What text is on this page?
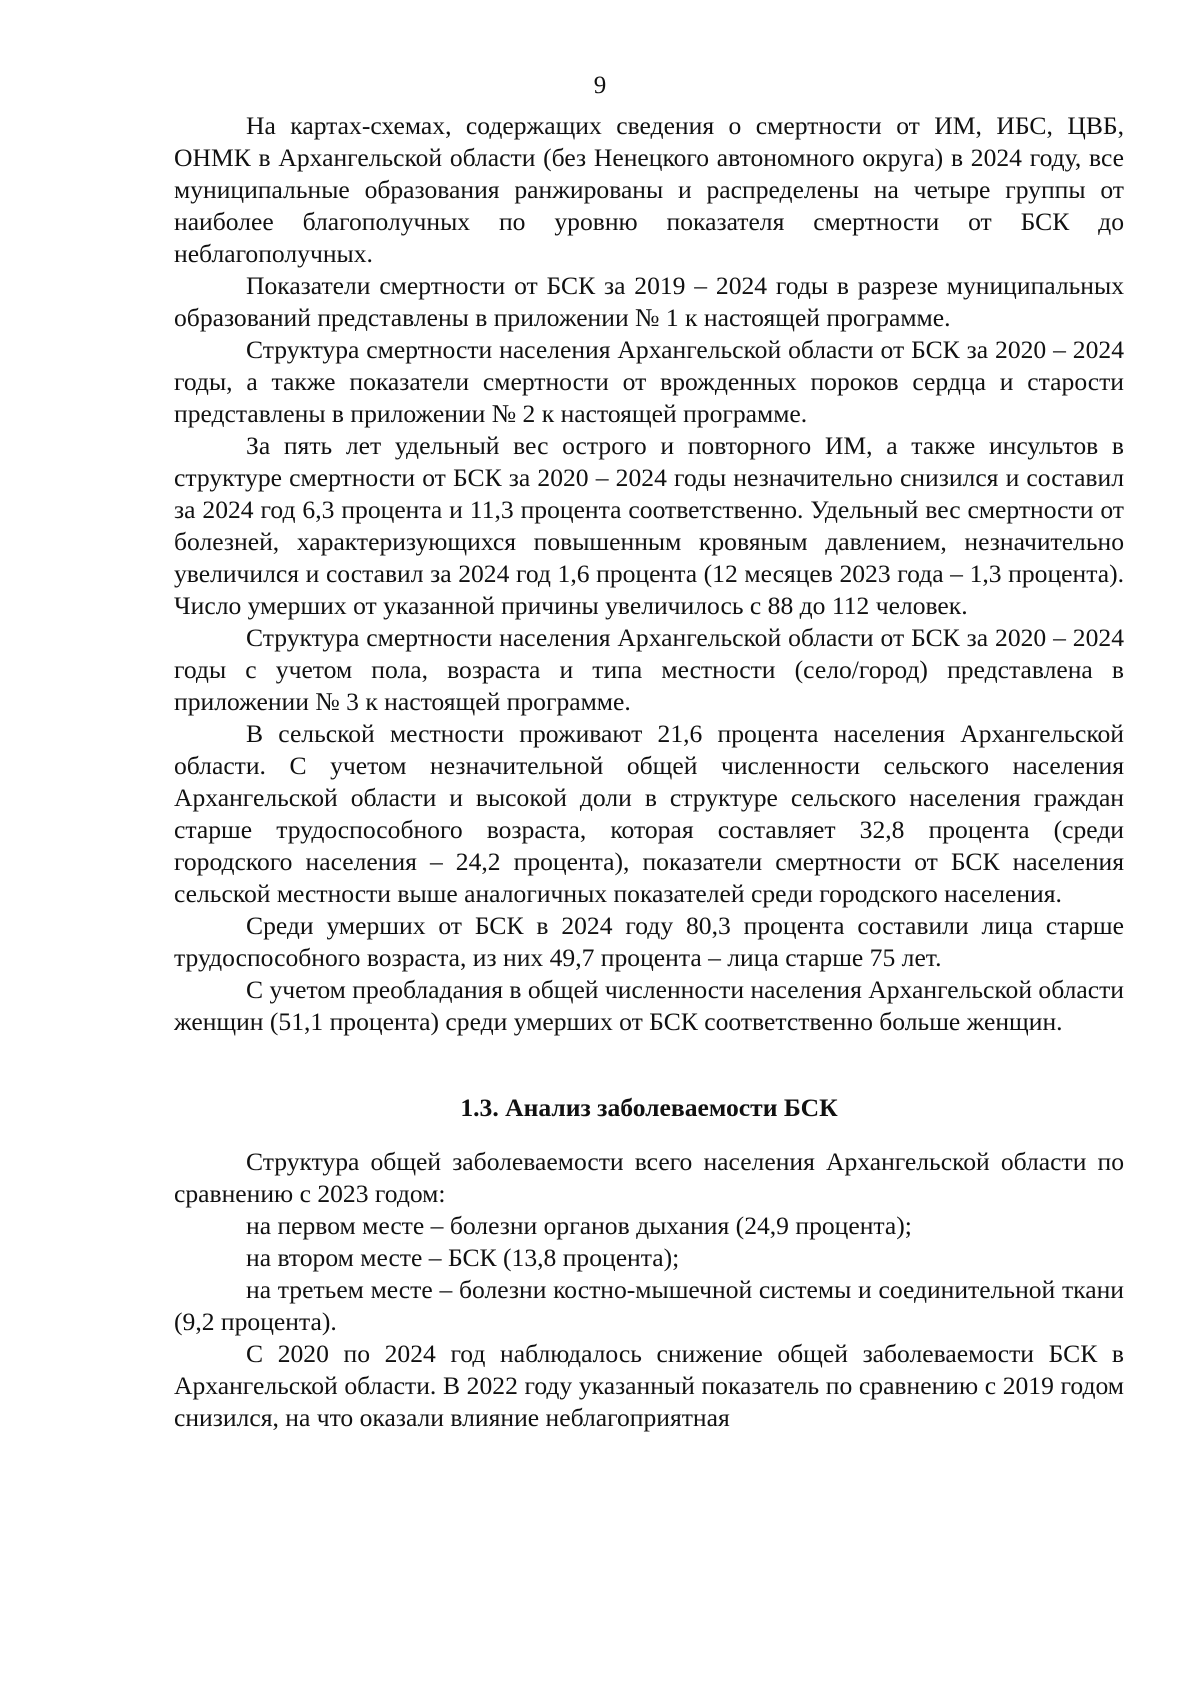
9

На картах-схемах, содержащих сведения о смертности от ИМ, ИБС, ЦВБ, ОНМК в Архангельской области (без Ненецкого автономного округа) в 2024 году, все муниципальные образования ранжированы и распределены на четыре группы от наиболее благополучных по уровню показателя смертности от БСК до неблагополучных.

Показатели смертности от БСК за 2019 – 2024 годы в разрезе муниципальных образований представлены в приложении № 1 к настоящей программе.

Структура смертности населения Архангельской области от БСК за 2020 – 2024 годы, а также показатели смертности от врожденных пороков сердца и старости представлены в приложении № 2 к настоящей программе.

За пять лет удельный вес острого и повторного ИМ, а также инсультов в структуре смертности от БСК за 2020 – 2024 годы незначительно снизился и составил за 2024 год 6,3 процента и 11,3 процента соответственно. Удельный вес смертности от болезней, характеризующихся повышенным кровяным давлением, незначительно увеличился и составил за 2024 год 1,6 процента (12 месяцев 2023 года – 1,3 процента). Число умерших от указанной причины увеличилось с 88 до 112 человек.

Структура смертности населения Архангельской области от БСК за 2020 – 2024 годы с учетом пола, возраста и типа местности (село/город) представлена в приложении № 3 к настоящей программе.

В сельской местности проживают 21,6 процента населения Архангельской области. С учетом незначительной общей численности сельского населения Архангельской области и высокой доли в структуре сельского населения граждан старше трудоспособного возраста, которая составляет 32,8 процента (среди городского населения – 24,2 процента), показатели смертности от БСК населения сельской местности выше аналогичных показателей среди городского населения.

Среди умерших от БСК в 2024 году 80,3 процента составили лица старше трудоспособного возраста, из них 49,7 процента – лица старше 75 лет.

С учетом преобладания в общей численности населения Архангельской области женщин (51,1 процента) среди умерших от БСК соответственно больше женщин.

1.3. Анализ заболеваемости БСК

Структура общей заболеваемости всего населения Архангельской области по сравнению с 2023 годом:

на первом месте – болезни органов дыхания (24,9 процента);

на втором месте – БСК (13,8 процента);

на третьем месте – болезни костно-мышечной системы и соединительной ткани (9,2 процента).

С 2020 по 2024 год наблюдалось снижение общей заболеваемости БСК в Архангельской области. В 2022 году указанный показатель по сравнению с 2019 годом снизился, на что оказали влияние неблагоприятная
